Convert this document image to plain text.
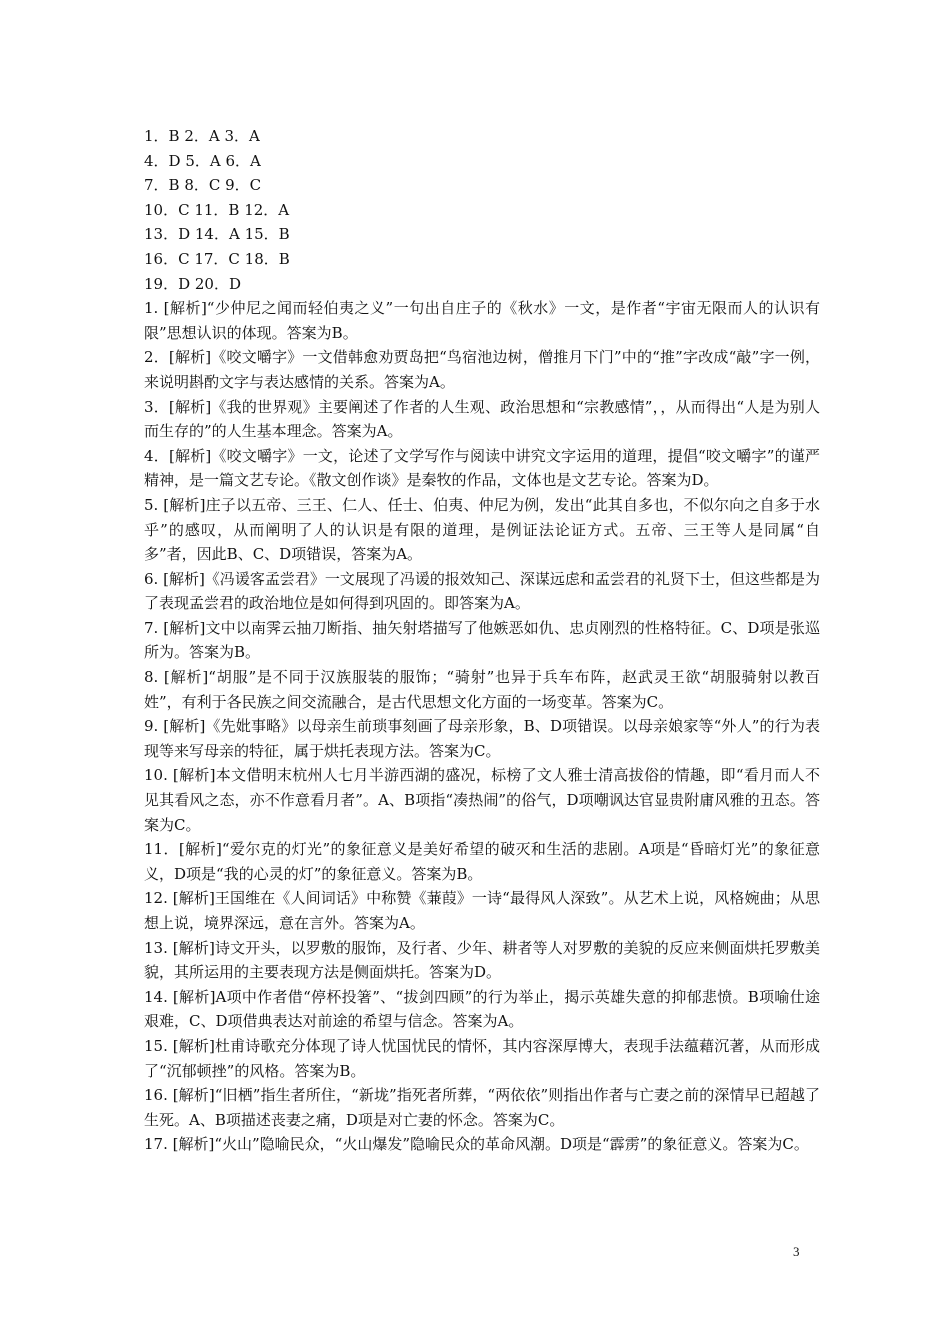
1．B 2．A 3．A
4．D 5．A 6．A
7．B 8．C 9．C
10．C 11．B 12．A
13．D 14．A 15．B
16．C 17．C 18．B
19．D 20．D

1. [解析]“少仲尼之闻而轻伯夷之义”一句出自庄子的《秋水》一文，是作者“宇宙无限而人的认识有限”思想认识的体现。答案为B。

2．[解析]《咬文嚼字》一文借韩愈劝贾岛把“鸟宿池边树，僧推月下门”中的“推”字改成“敲”字一例，来说明斟酌文字与表达感情的关系。答案为A。

3．[解析]《我的世界观》主要阐述了作者的人生观、政治思想和“宗教感情”，，从而得出“人是为别人而生存的”的人生基本理念。答案为A。

4．[解析]《咬文嚼字》一文，论述了文学写作与阅读中讲究文字运用的道理，提倡“咬文嚼字”的谨严精神，是一篇文艺专论。《散文创作谈》是秦牧的作品，文体也是文艺专论。答案为D。

5. [解析]庄子以五帝、三王、仁人、任士、伯夷、仲尼为例，发出“此其自多也，不似尔向之自多于水乎”的感叹，从而阐明了人的认识是有限的道理，是例证法论证方式。五帝、三王等人是同属“自多”者，因此B、C、D项错误，答案为A。

6. [解析]《冯谖客孟尝君》一文展现了冯谖的报效知己、深谋远虑和孟尝君的礼贤下士，但这些都是为了表现孟尝君的政治地位是如何得到巩固的。即答案为A。

7. [解析]文中以南霁云抽刀断指、抽矢射塔描写了他嫉恶如仇、忠贞刚烈的性格特征。C、D项是张巡所为。答案为B。

8. [解析]“胡服”是不同于汉族服装的服饰；“骑射”也异于兵车布阵，赵武灵王欲“胡服骑射以教百姓”，有利于各民族之间交流融合，是古代思想文化方面的一场变革。答案为C。

9. [解析]《先妣事略》以母亲生前琐事刻画了母亲形象，B、D项错误。以母亲娘家等“外人”的行为表现等来写母亲的特征，属于烘托表现方法。答案为C。

10. [解析]本文借明末杭州人七月半游西湖的盛况，标榜了文人雅士清高拔俗的情趣，即“看月而人不见其看风之态，亦不作意看月者”。A、B项指“凑热闹”的俗气，D项嘲讽达官显贵附庸风雅的丑态。答案为C。

11．[解析]“爱尔克的灯光”的象征意义是美好希望的破灭和生活的悲剧。A项是“昏暗灯光”的象征意义，D项是“我的心灵的灯”的象征意义。答案为B。

12. [解析]王国维在《人间词话》中称赞《蒹葭》一诗“最得风人深致”。从艺术上说，风格婉曲；从思想上说，境界深远，意在言外。答案为A。

13. [解析]诗文开头，以罗敷的服饰，及行者、少年、耕者等人对罗敷的美貌的反应来侧面烘托罗敷美貌，其所运用的主要表现方法是侧面烘托。答案为D。

14. [解析]A项中作者借“停杯投箸”、“拔剑四顾”的行为举止，揭示英雄失意的抑郁悲愤。B项喻仕途艰难，C、D项借典表达对前途的希望与信念。答案为A。

15. [解析]杜甫诗歌充分体现了诗人忧国忧民的情怀，其内容深厚博大，表现手法蕴藉沉著，从而形成了“沉郁顿挫”的风格。答案为B。

16. [解析]“旧栖”指生者所住，“新垅”指死者所葬，“两依依”则指出作者与亡妻之前的深情早已超越了生死。A、B项描述丧妻之痛，D项是对亡妻的怀念。答案为C。

17. [解析]“火山”隐喻民众，“火山爆发”隐喻民众的革命风潮。D项是“霹雳”的象征意义。答案为C。

3
